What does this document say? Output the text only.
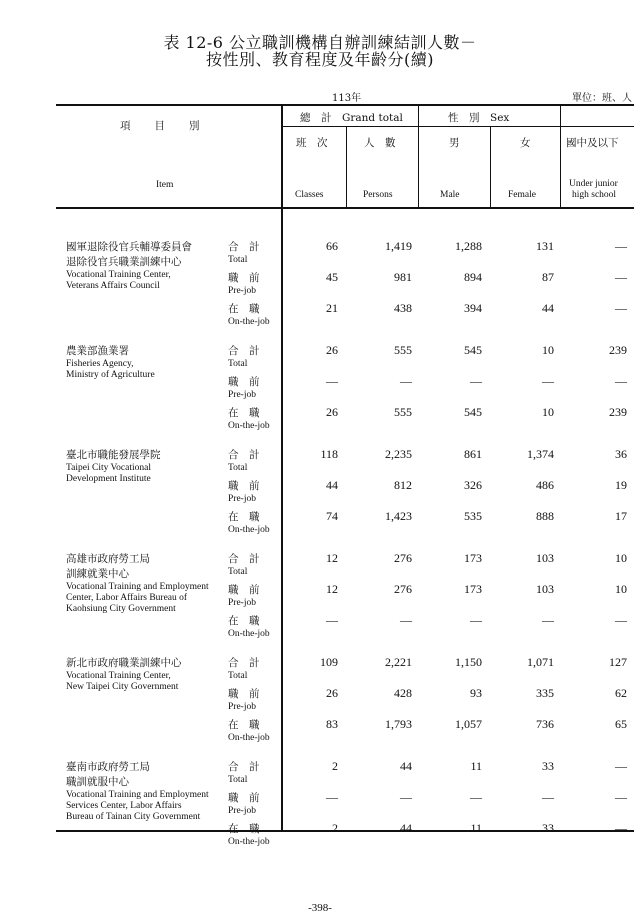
表 12-6 公立職訓機構自辦訓練結訓人數－
按性別、教育程度及年齡分(續)
113年	單位：班、人
項　　目　　別
Item
總　計　Grand total	性　別　Sex
班　次
Classes
人　數
Persons
男
Male
女
Female
國中及以下
Under junior
high school
國軍退除役官兵輔導委員會
退除役官兵職業訓練中心
Vocational Training Center,
Veterans Affairs Council
合　計
Total
66	1,419	1,288	131	—
職　前
Pre-job
45	981	894	87	—
在　職
On-the-job
21	438	394	44	—
農業部漁業署
Fisheries Agency,
Ministry of Agriculture
合　計
Total
26	555	545	10	239
職　前
Pre-job
—	—	—	—	—
在　職
On-the-job
26	555	545	10	239
臺北市職能發展學院
Taipei City Vocational
Development Institute
合　計
Total
118	2,235	861	1,374	36
職　前
Pre-job
44	812	326	486	19
在　職
On-the-job
74	1,423	535	888	17
高雄市政府勞工局
訓練就業中心
Vocational Training and Employment
Center, Labor Affairs Bureau of
Kaohsiung City Government
合　計
Total
12	276	173	103	10
職　前
Pre-job
12	276	173	103	10
在　職
On-the-job
—	—	—	—	—
新北市政府職業訓練中心
Vocational Training Center,
New Taipei City Government
合　計
Total
109	2,221	1,150	1,071	127
職　前
Pre-job
26	428	93	335	62
在　職
On-the-job
83	1,793	1,057	736	65
臺南市政府勞工局
職訓就服中心
Vocational Training and Employment
Services Center, Labor Affairs
Bureau of Tainan City Government
合　計
Total
2	44	11	33	—
職　前
Pre-job
—	—	—	—	—
在　職
On-the-job
2	44	11	33	—
-398-
